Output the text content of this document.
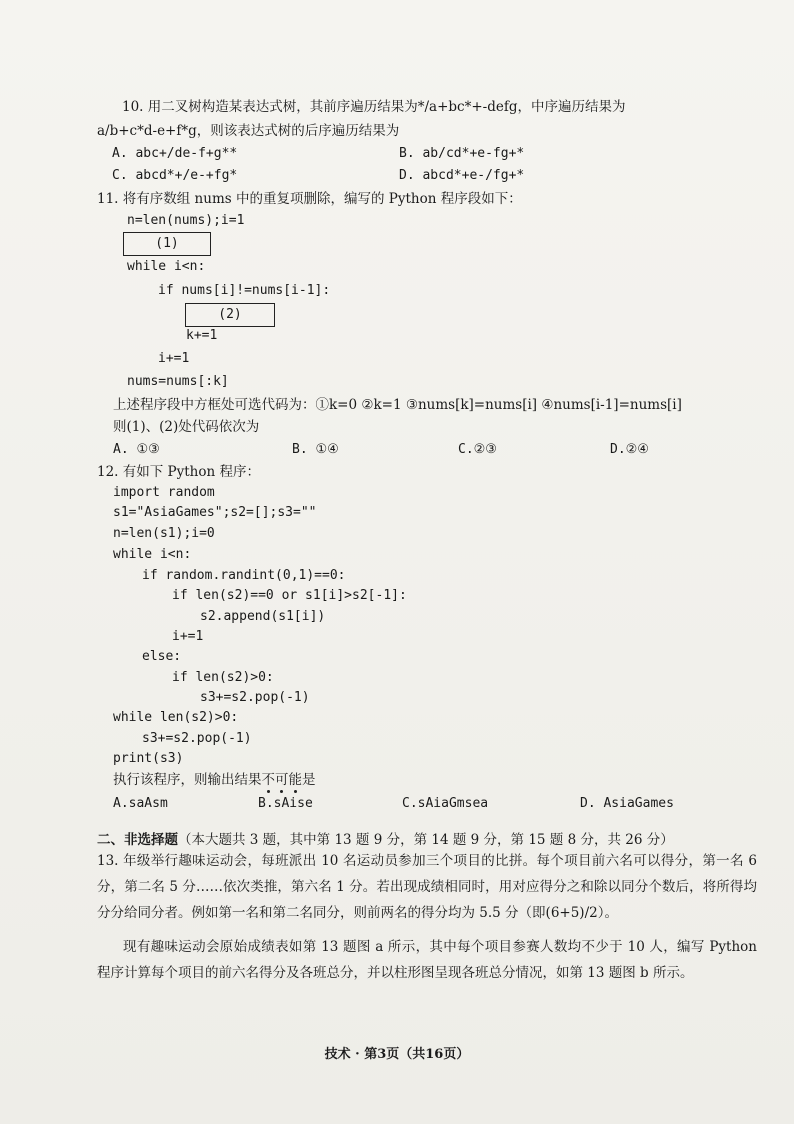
10. 用二叉树构造某表达式树，其前序遍历结果为*/a+bc*+-defg，中序遍历结果为
a/b+c*d-e+f*g，则该表达式树的后序遍历结果为
A. abc+/de-f+g**	B. ab/cd*+e-fg+*
C. abcd*+/e-+fg*	D. abcd*+e-/fg+*
11. 将有序数组 nums 中的重复项删除，编写的 Python 程序段如下：
n=len(nums);i=1
(1)
while i<n:
if nums[i]!=nums[i-1]:
(2)
k+=1
i+=1
nums=nums[:k]
上述程序段中方框处可选代码为：①k=0 ②k=1 ③nums[k]=nums[i] ④nums[i-1]=nums[i]
则(1)、(2)处代码依次为
A. ①③	B. ①④	C.②③	D.②④
12. 有如下 Python 程序：
import random
s1="AsiaGames";s2=[];s3=""
n=len(s1);i=0
while i<n:
if random.randint(0,1)==0:
if len(s2)==0 or s1[i]>s2[-1]:
s2.append(s1[i])
i+=1
else:
if len(s2)>0:
s3+=s2.pop(-1)
while len(s2)>0:
s3+=s2.pop(-1)
print(s3)
执行该程序，则输出结果不可能是
A.saAsm	B.sAise	C.sAiaGmsea	D. AsiaGames
二、非选择题（本大题共 3 题，其中第 13 题 9 分，第 14 题 9 分，第 15 题 8 分，共 26 分）
13. 年级举行趣味运动会，每班派出 10 名运动员参加三个项目的比拼。每个项目前六名可以得分，第一名 6 分，第二名 5 分……依次类推，第六名 1 分。若出现成绩相同时，用对应得分之和除以同分个数后，将所得均分分给同分者。例如第一名和第二名同分，则前两名的得分均为 5.5 分（即(6+5)/2）。
现有趣味运动会原始成绩表如第 13 题图 a 所示，其中每个项目参赛人数均不少于 10 人，编写 Python 程序计算每个项目的前六名得分及各班总分，并以柱形图呈现各班总分情况，如第 13 题图 b 所示。
技术 · 第3页（共16页）
